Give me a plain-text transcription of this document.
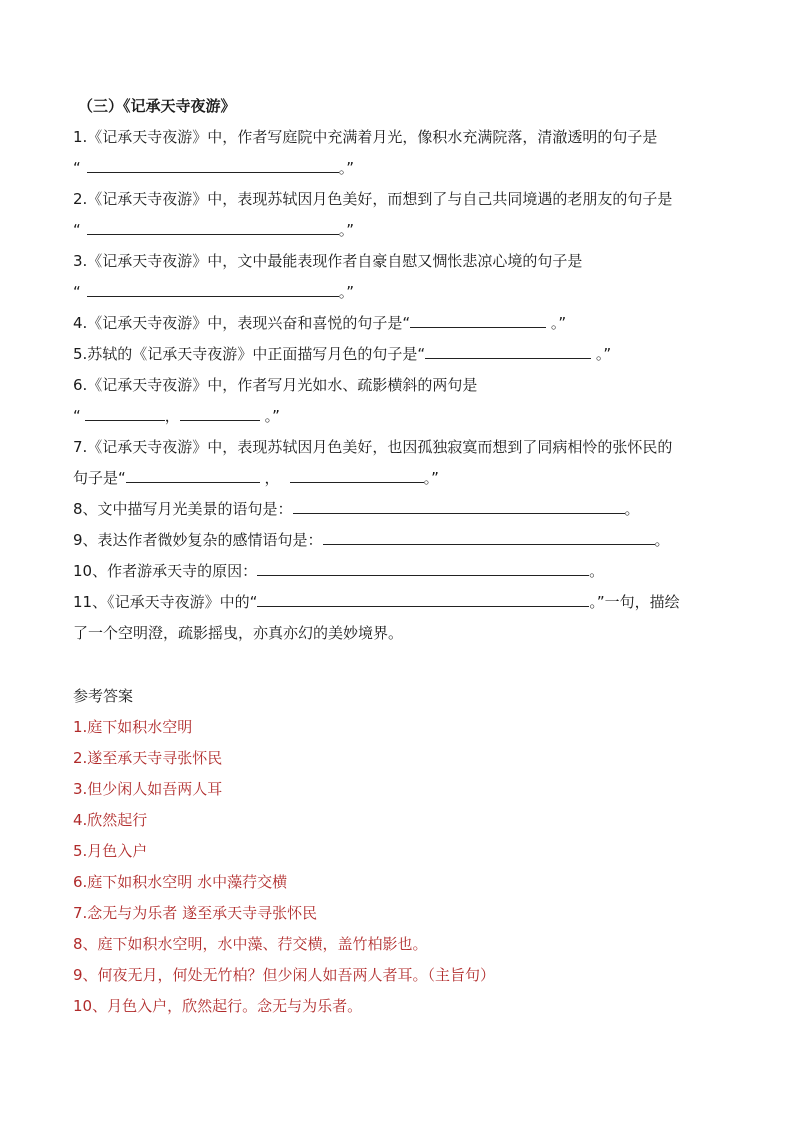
（三）《记承天寺夜游》
1.《记承天寺夜游》中，作者写庭院中充满着月光，像积水充满院落，清澈透明的句子是
“	。”
2.《记承天寺夜游》中，表现苏轼因月色美好，而想到了与自己共同境遇的老朋友的句子是
“	。”
3.《记承天寺夜游》中，文中最能表现作者自豪自慰又惆怅悲凉心境的句子是
“	。”
4.《记承天寺夜游》中，表现兴奋和喜悦的句子是“	。”
5.苏轼的《记承天寺夜游》中正面描写月色的句子是“	。”
6.《记承天寺夜游》中，作者写月光如水、疏影横斜的两句是
“	，	。”
7.《记承天寺夜游》中，表现苏轼因月色美好，也因孤独寂寞而想到了同病相怜的张怀民的
句子是“	，	。”
8、文中描写月光美景的语句是：	。
9、表达作者微妙复杂的感情语句是：	。
10、作者游承天寺的原因：	。
11、《记承天寺夜游》中的“	。”一句，描绘
了一个空明澄，疏影摇曳，亦真亦幻的美妙境界。
参考答案
1.庭下如积水空明
2.遂至承天寺寻张怀民
3.但少闲人如吾两人耳
4.欣然起行
5.月色入户
6.庭下如积水空明 水中藻荇交横
7.念无与为乐者 遂至承天寺寻张怀民
8、庭下如积水空明，水中藻、荇交横，盖竹柏影也。
9、何夜无月，何处无竹柏？但少闲人如吾两人者耳。（主旨句）
10、月色入户，欣然起行。念无与为乐者。
